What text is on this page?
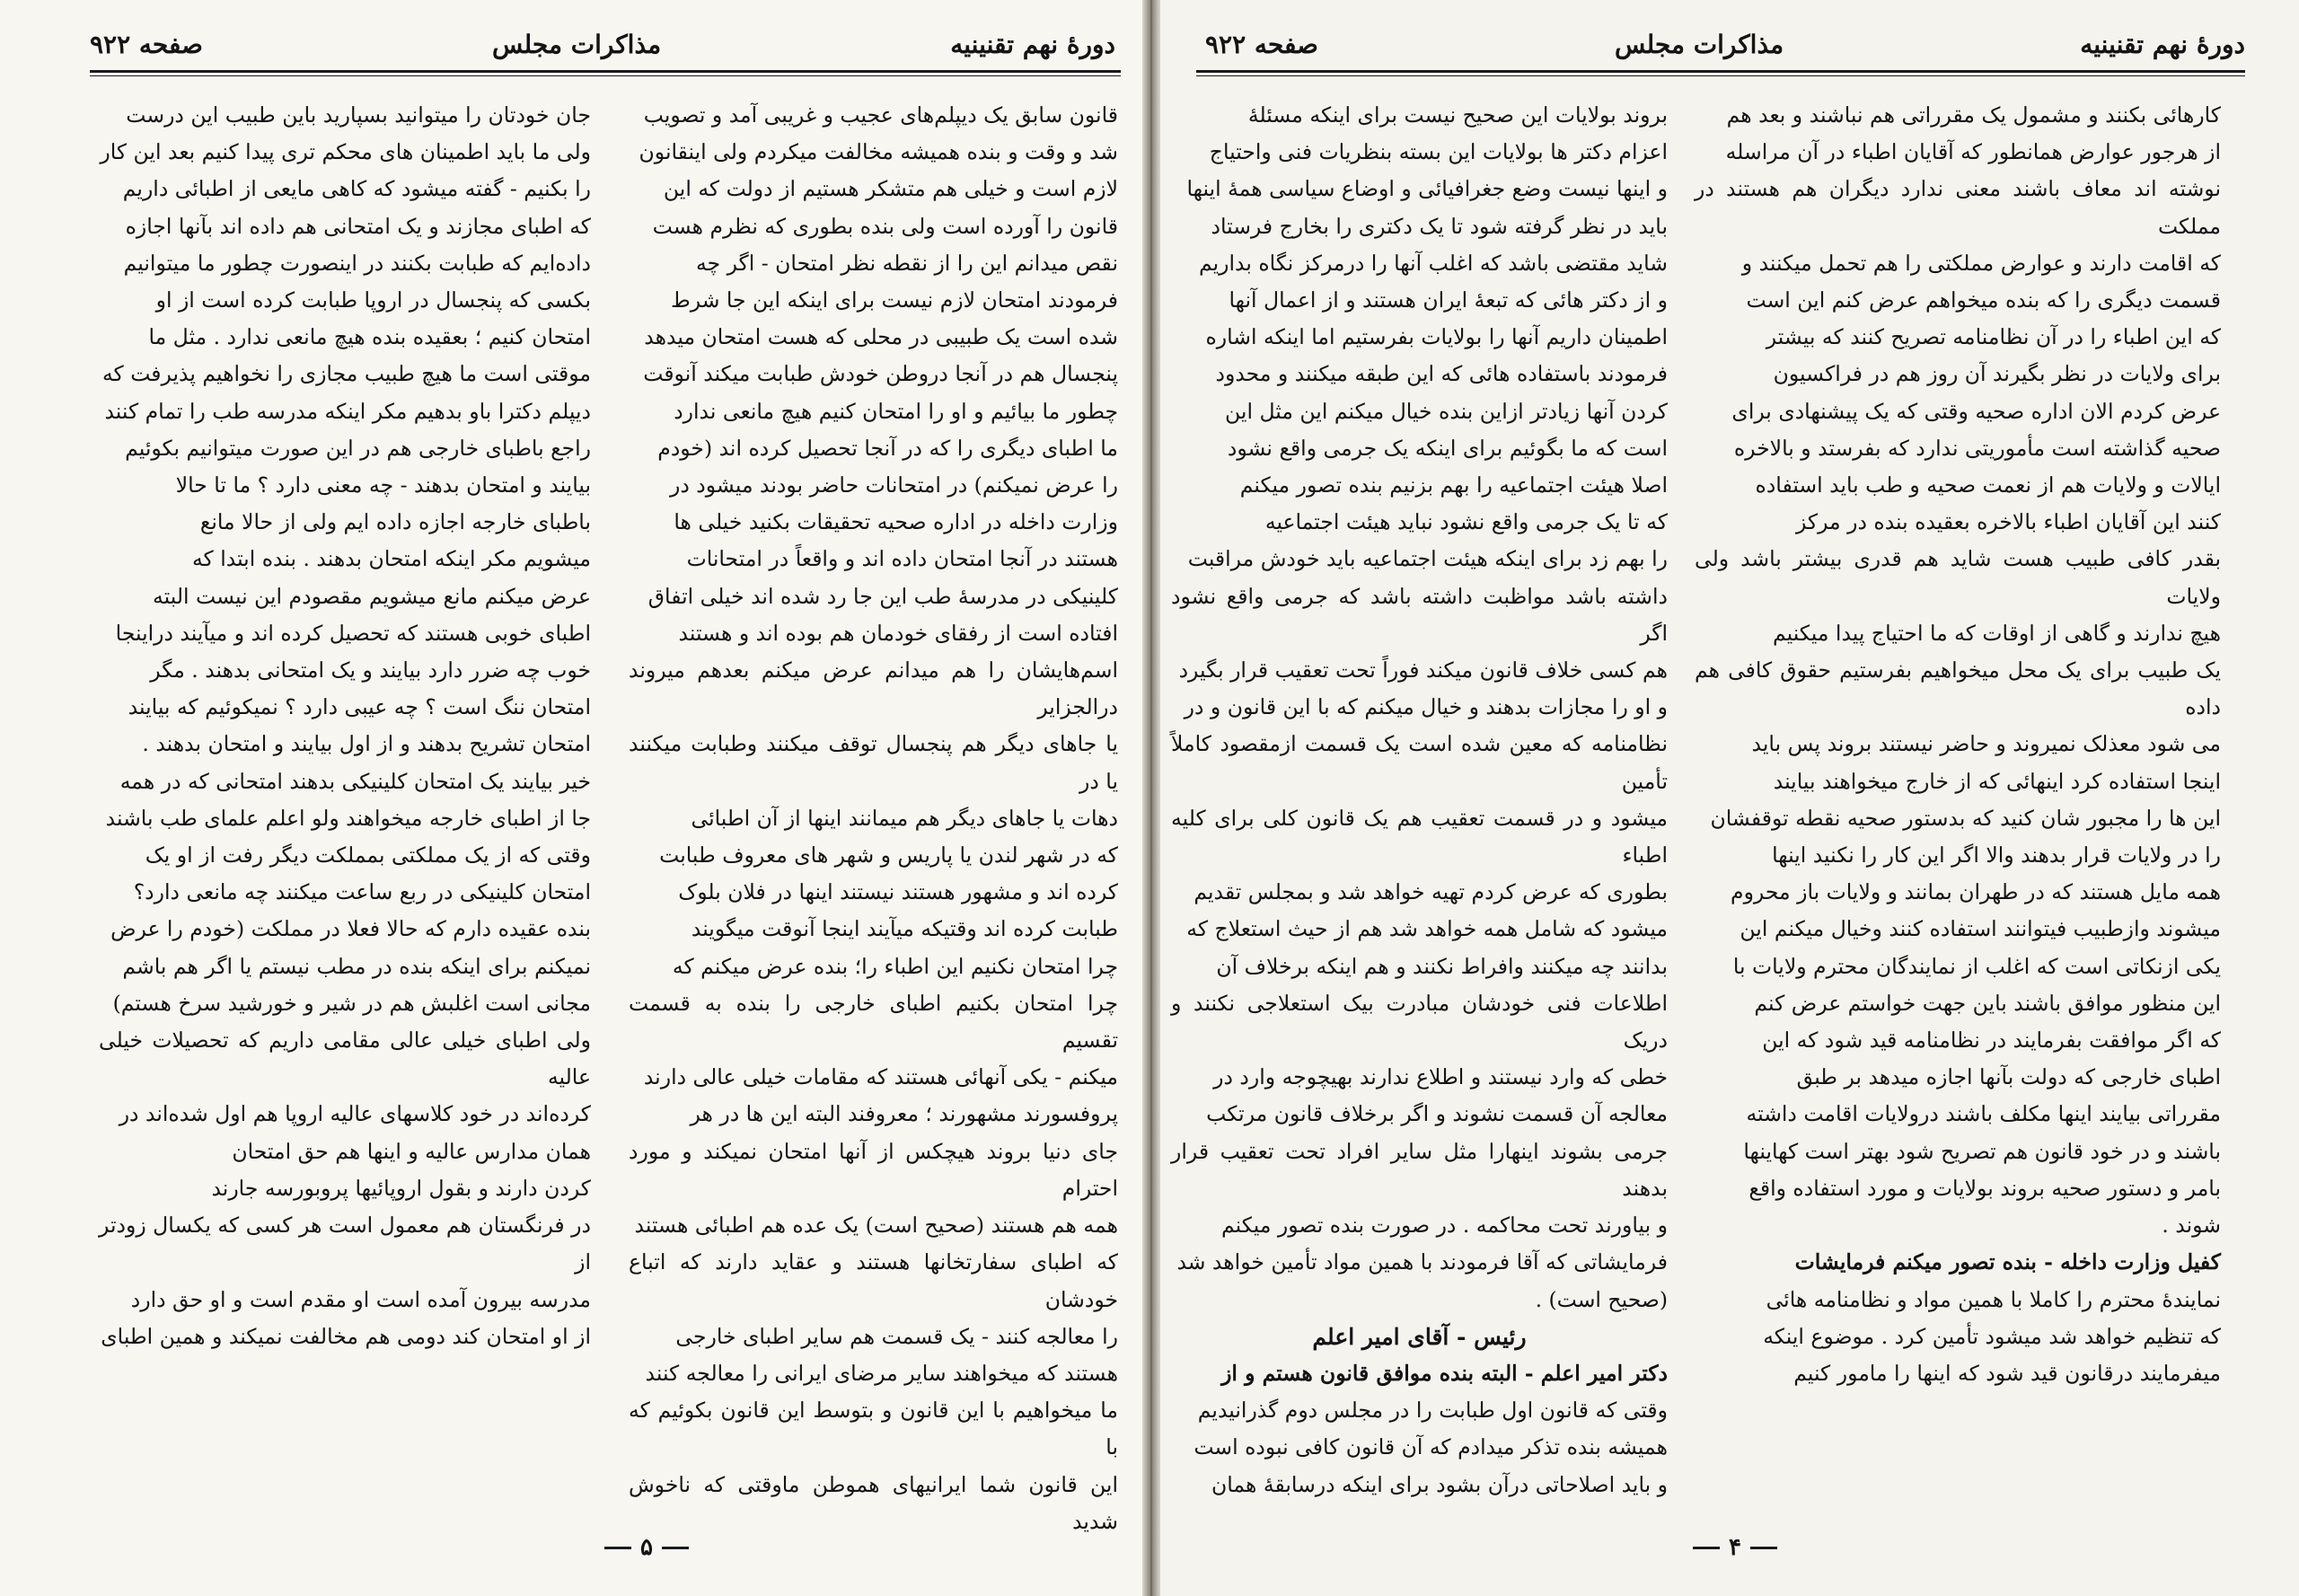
صفحه ۹۲۲	مذاکرات مجلس	دورهٔ نهم تقنینیه

قانون سابق یک دیپلم‌های عجیب و غریبی آمد و تصویب

شد و وقت و بنده همیشه مخالفت میکردم ولی اینقانون

لازم است و خیلی هم متشکر هستیم از دولت که این

قانون را آورده است ولی بنده بطوری که نظرم هست

نقص میدانم این را از نقطه نظر امتحان - اگر چه

فرمودند امتحان لازم نیست برای اینکه این جا شرط

شده است یک طبیبی در محلی که هست امتحان میدهد

پنجسال هم در آنجا دروطن خودش طبابت میکند آنوقت

چطور ما بیائیم و او را امتحان کنیم هیچ مانعی ندارد

ما اطبای دیگری را که در آنجا تحصیل کرده اند (خودم

را عرض نمیکنم) در امتحانات حاضر بودند میشود در

وزارت داخله در اداره صحیه تحقیقات بکنید خیلی ها

هستند در آنجا امتحان داده اند و واقعاً در امتحانات

کلینیکی در مدرسهٔ طب این جا رد شده اند خیلی اتفاق

افتاده است از رفقای خودمان هم بوده اند و هستند

اسم‌هایشان را هم میدانم عرض میکنم بعدهم میروند درالجزایر

یا جاهای دیگر هم پنجسال توقف میکنند وطبابت میکنند یا در

دهات یا جاهای دیگر هم میمانند اینها از آن اطبائی

که در شهر لندن یا پاریس و شهر های معروف طبابت

کرده اند و مشهور هستند نیستند اینها در فلان بلوک

طبابت کرده اند وقتیکه میآیند اینجا آنوقت میگویند

چرا امتحان نکنیم این اطباء را؛ بنده عرض میکنم که

چرا امتحان بکنیم اطبای خارجی را بنده به قسمت تقسیم

میکنم - یکی آنهائی هستند که مقامات خیلی عالی دارند

پروفسورند مشهورند ؛ معروفند البته این ها در هر

جای دنیا بروند هیچکس از آنها امتحان نمیکند و مورد احترام

همه هم هستند (صحیح است) یک عده هم اطبائی هستند

که اطبای سفارتخانها هستند و عقاید دارند که اتباع خودشان

را معالجه کنند - یک قسمت هم سایر اطبای خارجی

هستند که میخواهند سایر مرضای ایرانی را معالجه کنند

ما میخواهیم با این قانون و بتوسط این قانون بکوئیم که با

این قانون شما ایرانیهای هموطن ماوقتی که ناخوش شدید

جان خودتان را میتوانید بسپارید باین طبیب این درست

ولی ما باید اطمینان های محکم تری پیدا کنیم بعد این کار

را بکنیم - گفته میشود که کاهی مایعی از اطبائی داریم

که اطبای مجازند و یک امتحانی هم داده اند بآنها اجازه

داده‌ایم که طبابت بکنند در اینصورت چطور ما میتوانیم

بکسی که پنجسال در اروپا طبابت کرده است از او

امتحان کنیم ؛ بعقیده بنده هیچ مانعی ندارد . مثل ما

موقتی است ما هیچ طبیب مجازی را نخواهیم پذیرفت که

دیپلم دکترا باو بدهیم مکر اینکه مدرسه طب را تمام کنند

راجع باطبای خارجی هم در این صورت میتوانیم بکوئیم

بیایند و امتحان بدهند - چه معنی دارد ؟ ما تا حالا

باطبای خارجه اجازه داده ایم ولی از حالا مانع

میشویم مکر اینکه امتحان بدهند . بنده ابتدا که

عرض میکنم مانع میشویم مقصودم این نیست البته

اطبای خوبی هستند که تحصیل کرده اند و میآیند دراینجا

خوب چه ضرر دارد بیایند و یک امتحانی بدهند . مگر

امتحان ننگ است ؟ چه عیبی دارد ؟ نمیکوئیم که بیایند

امتحان تشریح بدهند و از اول بیایند و امتحان بدهند .

خیر بیایند یک امتحان کلینیکی بدهند امتحانی که در همه

جا از اطبای خارجه میخواهند ولو اعلم علمای طب باشند

وقتی که از یک مملکتی بمملکت دیگر رفت از او یک

امتحان کلینیکی در ربع ساعت میکنند چه مانعی دارد؟

بنده عقیده دارم که حالا فعلا در مملکت (خودم را عرض

نمیکنم برای اینکه بنده در مطب نیستم یا اگر هم باشم

مجانی است اغلبش هم در شیر و خورشید سرخ هستم)

ولی اطبای خیلی عالی مقامی داریم که تحصیلات خیلی عالیه

کرده‌اند در خود کلاسهای عالیه اروپا هم اول شده‌اند در

همان مدارس عالیه و اینها هم حق امتحان

کردن دارند و بقول اروپائیها پروبورسه جارند

در فرنگستان هم معمول است هر کسی که یکسال زودتر از

مدرسه بیرون آمده است او مقدم است و او حق دارد

از او امتحان کند دومی هم مخالفت نمیکند و همین اطبای

۵
صفحه ۹۲۲	مذاکرات مجلس	دورهٔ نهم تقنینیه

کارهائی بکنند و مشمول یک مقرراتی هم نباشند و بعد هم

از هرجور عوارض همانطور که آقایان اطباء در آن مراسله

نوشته اند معاف باشند معنی ندارد دیگران هم هستند در مملکت

که اقامت دارند و عوارض مملکتی را هم تحمل میکنند و

قسمت دیگری را که بنده میخواهم عرض کنم این است

که این اطباء را در آن نظامنامه تصریح کنند که بیشتر

برای ولایات در نظر بگیرند آن روز هم در فراکسیون

عرض کردم الان اداره صحیه وقتی که یک پیشنهادی برای

صحیه گذاشته است مأموریتی ندارد که بفرستد و بالاخره

ایالات و ولایات هم از نعمت صحیه و طب باید استفاده

کنند این آقایان اطباء بالاخره بعقیده بنده در مرکز

بقدر کافی طبیب هست شاید هم قدری بیشتر باشد ولی ولایات

هیچ ندارند و گاهی از اوقات که ما احتیاج پیدا میکنیم

یک طبیب برای یک محل میخواهیم بفرستیم حقوق کافی هم داده

می شود معذلک نمیروند و حاضر نیستند بروند پس باید

اینجا استفاده کرد اینهائی که از خارج میخواهند بیایند

این ها را مجبور شان کنید که بدستور صحیه نقطه توقفشان

را در ولایات قرار بدهند والا اگر این کار را نکنید اینها

همه مایل هستند که در طهران بمانند و ولایات باز محروم

میشوند وازطبیب فیتوانند استفاده کنند وخیال میکنم این

یکی ازنکاتی است که اغلب از نمایندگان محترم ولایات با

این منظور موافق باشند باین جهت خواستم عرض کنم

که اگر موافقت بفرمایند در نظامنامه قید شود که این

اطبای خارجی که دولت بآنها اجازه میدهد بر طبق

مقرراتی بیایند اینها مکلف باشند درولایات اقامت داشته

باشند و در خود قانون هم تصریح شود بهتر است کهاینها

بامر و دستور صحیه بروند بولایات و مورد استفاده واقع

شوند .

کفیل وزارت داخله - بنده تصور میکنم فرمایشات

نمایندهٔ محترم را کاملا با همین مواد و نظامنامه هائی

که تنظیم خواهد شد میشود تأمین کرد . موضوع اینکه

میفرمایند درقانون قید شود که اینها را مامور کنیم

بروند بولایات این صحیح نیست برای اینکه مسئلهٔ

اعزام دکتر ها بولایات این بسته بنظریات فنی واحتیاج

و اینها نیست وضع جغرافیائی و اوضاع سیاسی همهٔ اینها

باید در نظر گرفته شود تا یک دکتری را بخارج فرستاد

شاید مقتضی باشد که اغلب آنها را درمرکز نگاه بداریم

و از دکتر هائی که تبعهٔ ایران هستند و از اعمال آنها

اطمینان داریم آنها را بولایات بفرستیم اما اینکه اشاره

فرمودند باستفاده هائی که این طبقه میکنند و محدود

کردن آنها زیادتر ازاین بنده خیال میکنم این مثل این

است که ما بگوئیم برای اینکه یک جرمی واقع نشود

اصلا هیئت اجتماعیه را بهم بزنیم بنده تصور میکنم

که تا یک جرمی واقع نشود نباید هیئت اجتماعیه

را بهم زد برای اینکه هیئت اجتماعیه باید خودش مراقبت

داشته باشد مواظبت داشته باشد که جرمی واقع نشود اگر

هم کسی خلاف قانون میکند فوراً تحت تعقیب قرار بگیرد

و او را مجازات بدهند و خیال میکنم که با این قانون و در

نظامنامه که معین شده است یک قسمت ازمقصود کاملاً تأمین

میشود و در قسمت تعقیب هم یک قانون کلی برای کلیه اطباء

بطوری که عرض کردم تهیه خواهد شد و بمجلس تقدیم

میشود که شامل همه خواهد شد هم از حیث استعلاج که

بدانند چه میکنند وافراط نکنند و هم اینکه برخلاف آن

اطلاعات فنی خودشان مبادرت بیک استعلاجی نکنند و دریک

خطی که وارد نیستند و اطلاع ندارند بهیچوجه وارد در

معالجه آن قسمت نشوند و اگر برخلاف قانون مرتکب

جرمی بشوند اینهارا مثل سایر افراد تحت تعقیب قرار بدهند

و بیاورند تحت محاکمه . در صورت بنده تصور میکنم

فرمایشاتی که آقا فرمودند با همین مواد تأمین خواهد شد

(صحیح است) .

رئیس - آقای امیر اعلم

دکتر امیر اعلم - البته بنده موافق قانون هستم و از

وقتی که قانون اول طبابت را در مجلس دوم گذرانیدیم

همیشه بنده تذکر میدادم که آن قانون کافی نبوده است

و باید اصلاحاتی درآن بشود برای اینکه درسابقهٔ همان

۴
